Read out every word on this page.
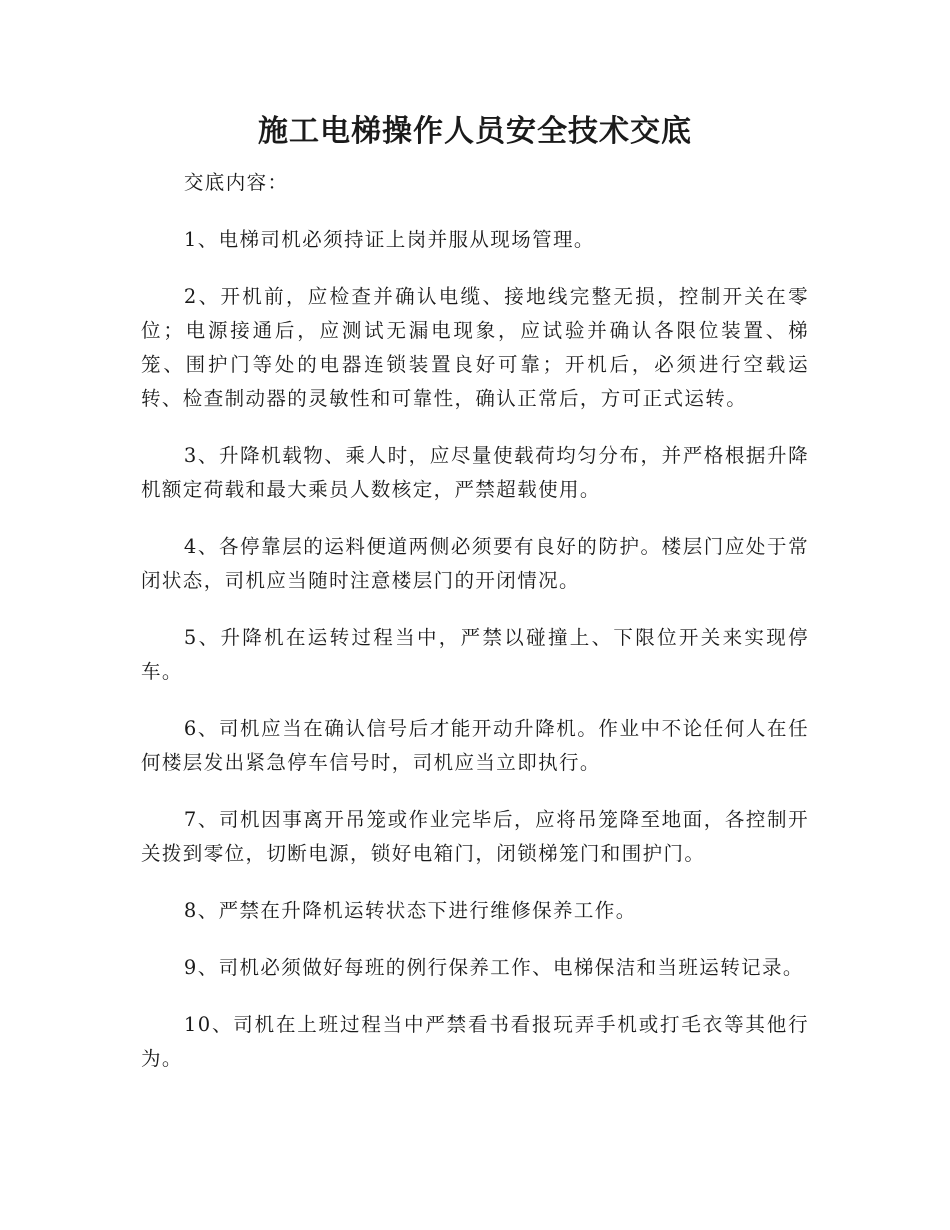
施工电梯操作人员安全技术交底

交底内容：

1、电梯司机必须持证上岗并服从现场管理。

2、开机前，应检查并确认电缆、接地线完整无损，控制开关在零位；电源接通后，应测试无漏电现象，应试验并确认各限位装置、梯笼、围护门等处的电器连锁装置良好可靠；开机后，必须进行空载运转、检查制动器的灵敏性和可靠性，确认正常后，方可正式运转。

3、升降机载物、乘人时，应尽量使载荷均匀分布，并严格根据升降机额定荷载和最大乘员人数核定，严禁超载使用。

4、各停靠层的运料便道两侧必须要有良好的防护。楼层门应处于常闭状态，司机应当随时注意楼层门的开闭情况。

5、升降机在运转过程当中，严禁以碰撞上、下限位开关来实现停车。

6、司机应当在确认信号后才能开动升降机。作业中不论任何人在任何楼层发出紧急停车信号时，司机应当立即执行。

7、司机因事离开吊笼或作业完毕后，应将吊笼降至地面，各控制开关拨到零位，切断电源，锁好电箱门，闭锁梯笼门和围护门。

8、严禁在升降机运转状态下进行维修保养工作。

9、司机必须做好每班的例行保养工作、电梯保洁和当班运转记录。

10、司机在上班过程当中严禁看书看报玩弄手机或打毛衣等其他行为。
